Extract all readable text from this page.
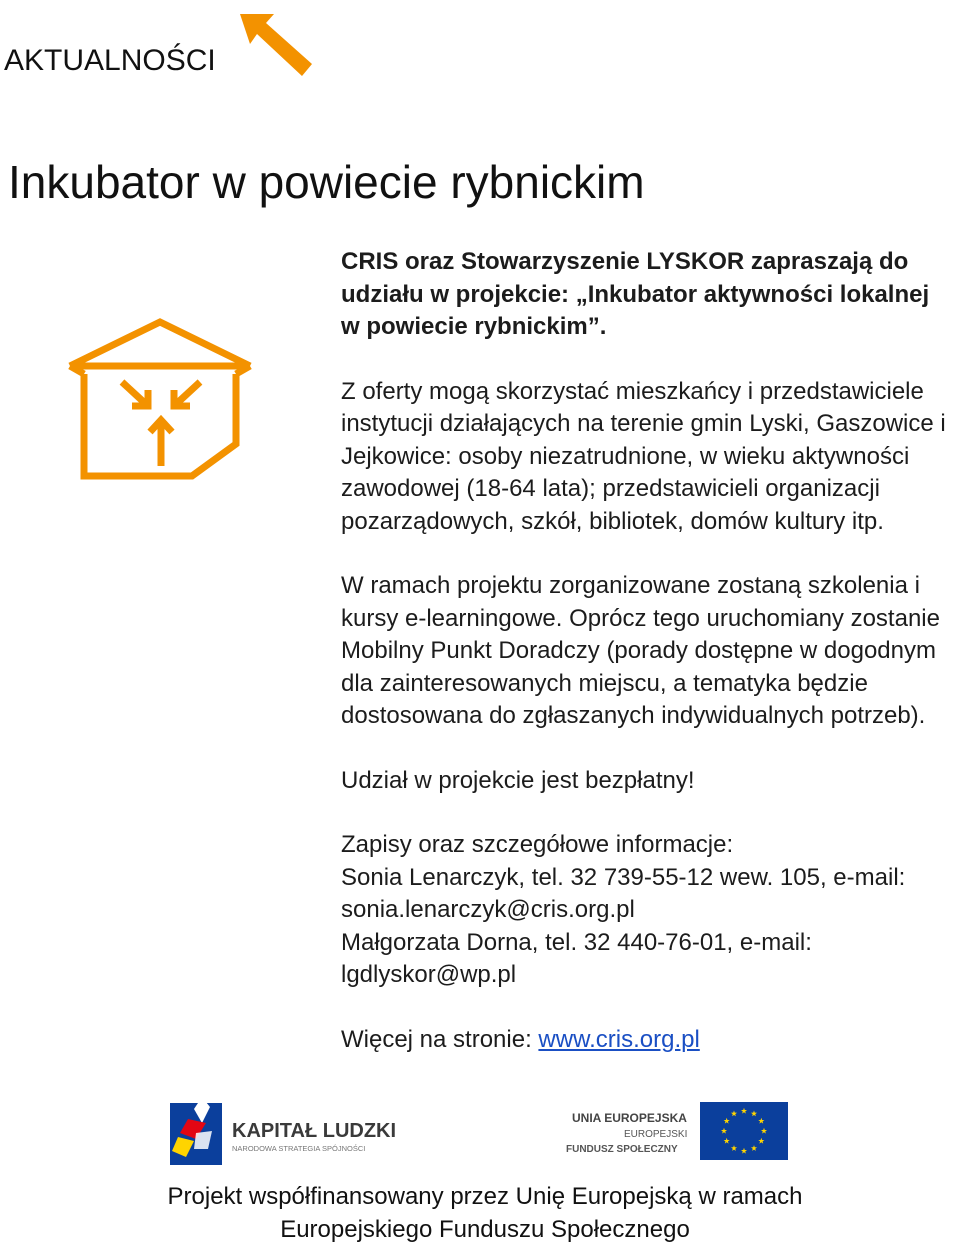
AKTUALNOŚCI
Inkubator w powiecie rybnickim

CRIS oraz Stowarzyszenie LYSKOR zapraszają do udziału w projekcie: „Inkubator aktywności lokalnej w powiecie rybnickim”.

Z oferty mogą skorzystać mieszkańcy i przedstawiciele instytucji działających na terenie gmin Lyski, Gaszowice i Jejkowice: osoby niezatrudnione, w wieku aktywności zawodowej (18-64 lata); przedstawicieli organizacji pozarządowych, szkół, bibliotek, domów kultury itp.

W ramach projektu zorganizowane zostaną szkolenia i kursy e-learningowe. Oprócz tego uruchomiany zostanie Mobilny Punkt Doradczy (porady dostępne w dogodnym dla zainteresowanych miejscu, a tematyka będzie dostosowana do zgłaszanych indywidualnych potrzeb).

Udział w projekcie jest bezpłatny!

Zapisy oraz szczegółowe informacje:

Sonia Lenarczyk, tel. 32 739-55-12 wew. 105, e-mail: sonia.lenarczyk@cris.org.pl

Małgorzata Dorna, tel. 32 440-76-01, e-mail: lgdlyskor@wp.pl

Więcej na stronie: www.cris.org.pl

KAPITAŁ LUDZKI
NARODOWA STRATEGIA SPÓJNOŚCI
UNIA EUROPEJSKA
EUROPEJSKI
FUNDUSZ SPOŁECZNY

Projekt współfinansowany przez Unię Europejską w ramach

Europejskiego Funduszu Społecznego
